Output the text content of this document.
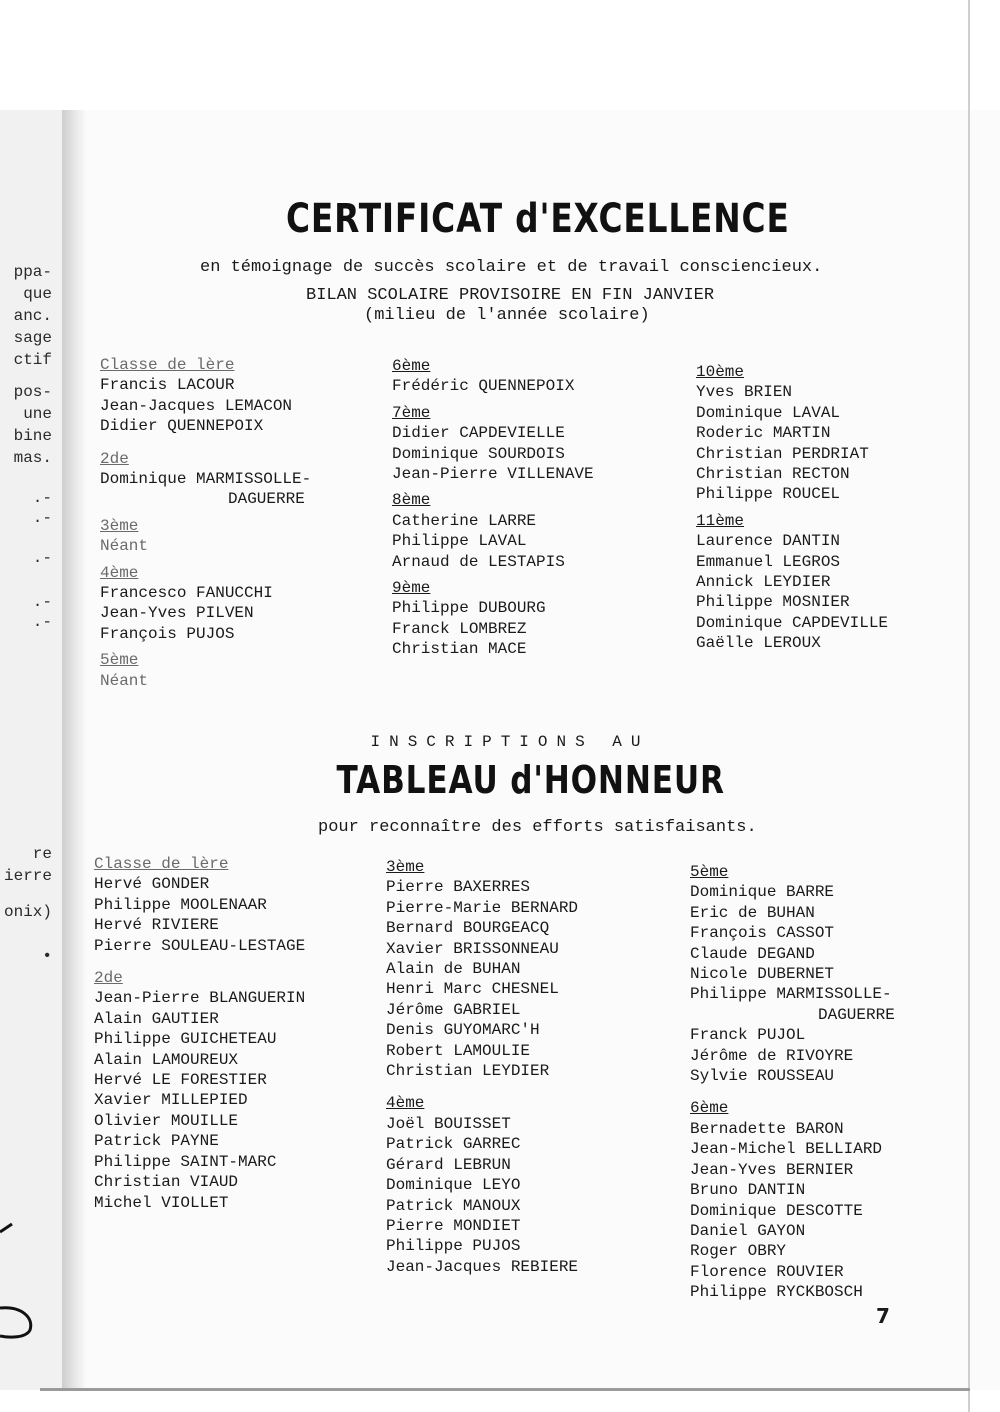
ppa-
que
anc.
sage
ctif
pos-
une
bine
mas.
.-
.-
.-
.-
.-
re
ierre
onix)
•
CERTIFICAT d'EXCELLENCE
en témoignage de succès scolaire et de travail consciencieux.
BILAN SCOLAIRE PROVISOIRE EN FIN JANVIER
(milieu de l'année scolaire)
Classe de lère
Francis LACOUR
Jean-Jacques LEMACON
Didier QUENNEPOIX
2de
Dominique MARMISSOLLE-
DAGUERRE
3ème
Néant
4ème
Francesco FANUCCHI
Jean-Yves PILVEN
François PUJOS
5ème
Néant
6ème
Frédéric QUENNEPOIX
7ème
Didier CAPDEVIELLE
Dominique SOURDOIS
Jean-Pierre VILLENAVE
8ème
Catherine LARRE
Philippe LAVAL
Arnaud de LESTAPIS
9ème
Philippe DUBOURG
Franck LOMBREZ
Christian MACE
10ème
Yves BRIEN
Dominique LAVAL
Roderic MARTIN
Christian PERDRIAT
Christian RECTON
Philippe ROUCEL
11ème
Laurence DANTIN
Emmanuel LEGROS
Annick LEYDIER
Philippe MOSNIER
Dominique CAPDEVILLE
Gaëlle LEROUX
INSCRIPTIONS AU
TABLEAU d'HONNEUR
pour reconnaître des efforts satisfaisants.
Classe de lère
Hervé GONDER
Philippe MOOLENAAR
Hervé RIVIERE
Pierre SOULEAU-LESTAGE
2de
Jean-Pierre BLANGUERIN
Alain GAUTIER
Philippe GUICHETEAU
Alain LAMOUREUX
Hervé LE FORESTIER
Xavier MILLEPIED
Olivier MOUILLE
Patrick PAYNE
Philippe SAINT-MARC
Christian VIAUD
Michel VIOLLET
3ème
Pierre BAXERRES
Pierre-Marie BERNARD
Bernard BOURGEACQ
Xavier BRISSONNEAU
Alain de BUHAN
Henri Marc CHESNEL
Jérôme GABRIEL
Denis GUYOMARC'H
Robert LAMOULIE
Christian LEYDIER
4ème
Joël BOUISSET
Patrick GARREC
Gérard LEBRUN
Dominique LEYO
Patrick MANOUX
Pierre MONDIET
Philippe PUJOS
Jean-Jacques REBIERE
5ème
Dominique BARRE
Eric de BUHAN
François CASSOT
Claude DEGAND
Nicole DUBERNET
Philippe MARMISSOLLE-
DAGUERRE
Franck PUJOL
Jérôme de RIVOYRE
Sylvie ROUSSEAU
6ème
Bernadette BARON
Jean-Michel BELLIARD
Jean-Yves BERNIER
Bruno DANTIN
Dominique DESCOTTE
Daniel GAYON
Roger OBRY
Florence ROUVIER
Philippe RYCKBOSCH
7
